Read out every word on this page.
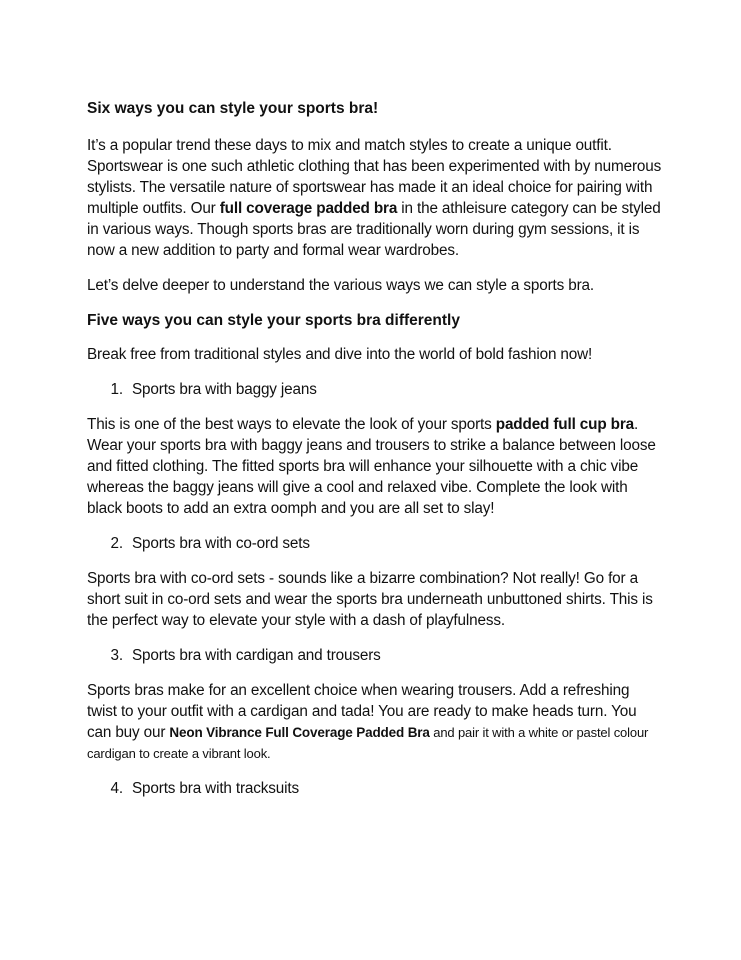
Six ways you can style your sports bra!

It’s a popular trend these days to mix and match styles to create a unique outfit. Sportswear is one such athletic clothing that has been experimented with by numerous stylists. The versatile nature of sportswear has made it an ideal choice for pairing with multiple outfits. Our full coverage padded bra in the athleisure category can be styled in various ways. Though sports bras are traditionally worn during gym sessions, it is now a new addition to party and formal wear wardrobes.

Let’s delve deeper to understand the various ways we can style a sports bra.

Five ways you can style your sports bra differently

Break free from traditional styles and dive into the world of bold fashion now!

1. Sports bra with baggy jeans

This is one of the best ways to elevate the look of your sports padded full cup bra. Wear your sports bra with baggy jeans and trousers to strike a balance between loose and fitted clothing. The fitted sports bra will enhance your silhouette with a chic vibe whereas the baggy jeans will give a cool and relaxed vibe. Complete the look with black boots to add an extra oomph and you are all set to slay!

2. Sports bra with co-ord sets

Sports bra with co-ord sets - sounds like a bizarre combination? Not really! Go for a short suit in co-ord sets and wear the sports bra underneath unbuttoned shirts. This is the perfect way to elevate your style with a dash of playfulness.

3. Sports bra with cardigan and trousers

Sports bras make for an excellent choice when wearing trousers. Add a refreshing twist to your outfit with a cardigan and tada! You are ready to make heads turn. You can buy our Neon Vibrance Full Coverage Padded Bra and pair it with a white or pastel colour cardigan to create a vibrant look.

4. Sports bra with tracksuits
